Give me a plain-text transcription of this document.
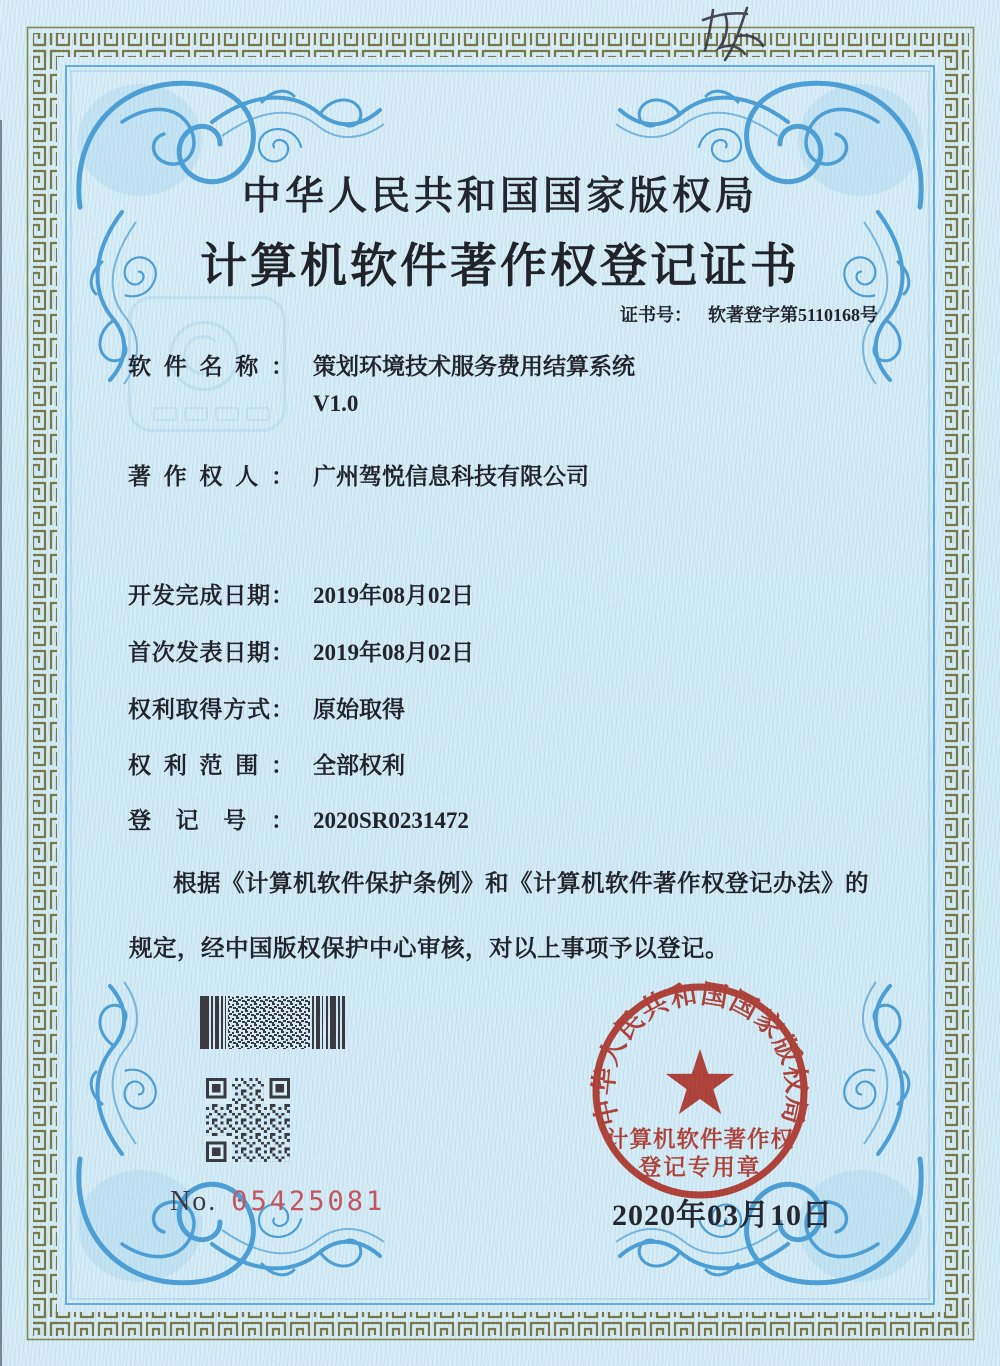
中华人民共和国国家版权局
计算机软件著作权登记证书
证书号： 软著登字第5110168号
软件名称： 策划环境技术服务费用结算系统
V1.0
著作权人： 广州驾悦信息科技有限公司
开发完成日期： 2019年08月02日
首次发表日期： 2019年08月02日
权利取得方式： 原始取得
权利范围： 全部权利
登记号： 2020SR0231472
根据《计算机软件保护条例》和《计算机软件著作权登记办法》的
规定，经中国版权保护中心审核，对以上事项予以登记。
中华人民共和国国家版权局
计算机软件著作权
登记专用章
No. 05425081	2020年03月10日
